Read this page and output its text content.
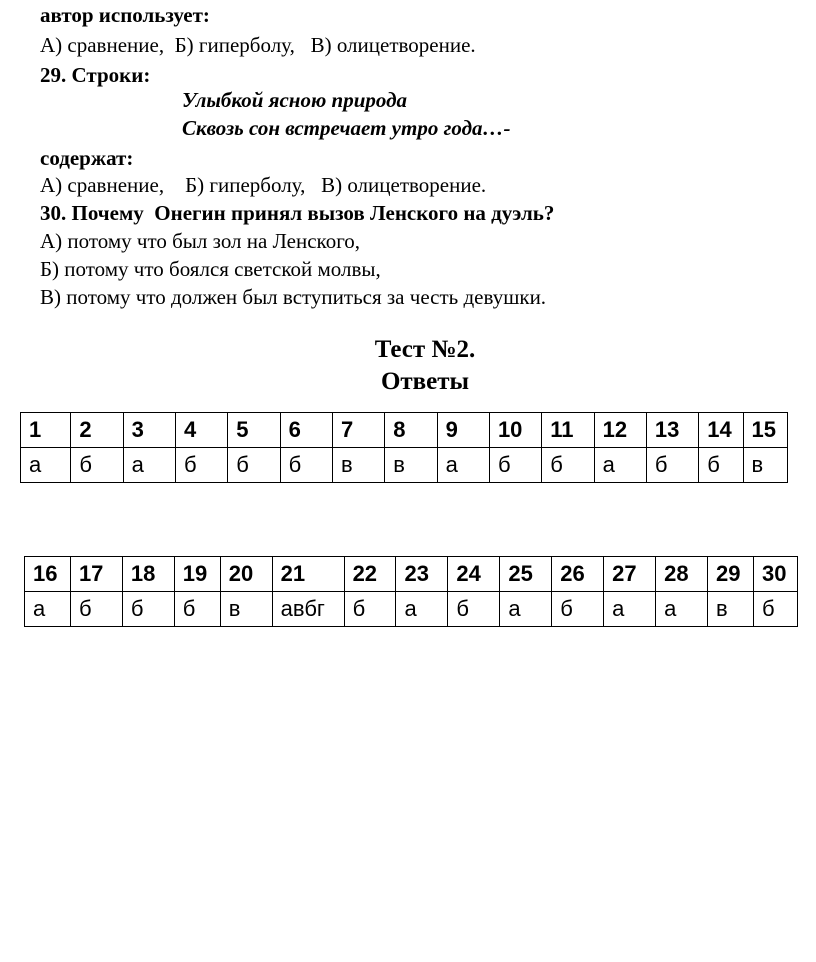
автор использует:
А) сравнение,  Б) гиперболу,   В) олицетворение.
29. Строки:
Улыбкой ясною природа
Сквозь сон встречает утро года…-
содержат:
А) сравнение,    Б) гиперболу,   В) олицетворение.
30. Почему  Онегин принял вызов Ленского на дуэль?
А) потому что был зол на Ленского,
Б) потому что боялся светской молвы,
В) потому что должен был вступиться за честь девушки.
Тест №2.
Ответы
1	2	3	4	5	6	7	8	9	10	11	12	13	14	15
а	б	а	б	б	б	в	в	а	б	б	а	б	б	в
16	17	18	19	20	21	22	23	24	25	26	27	28	29	30
а	б	б	б	в	авбг	б	а	б	а	б	а	а	в	б
